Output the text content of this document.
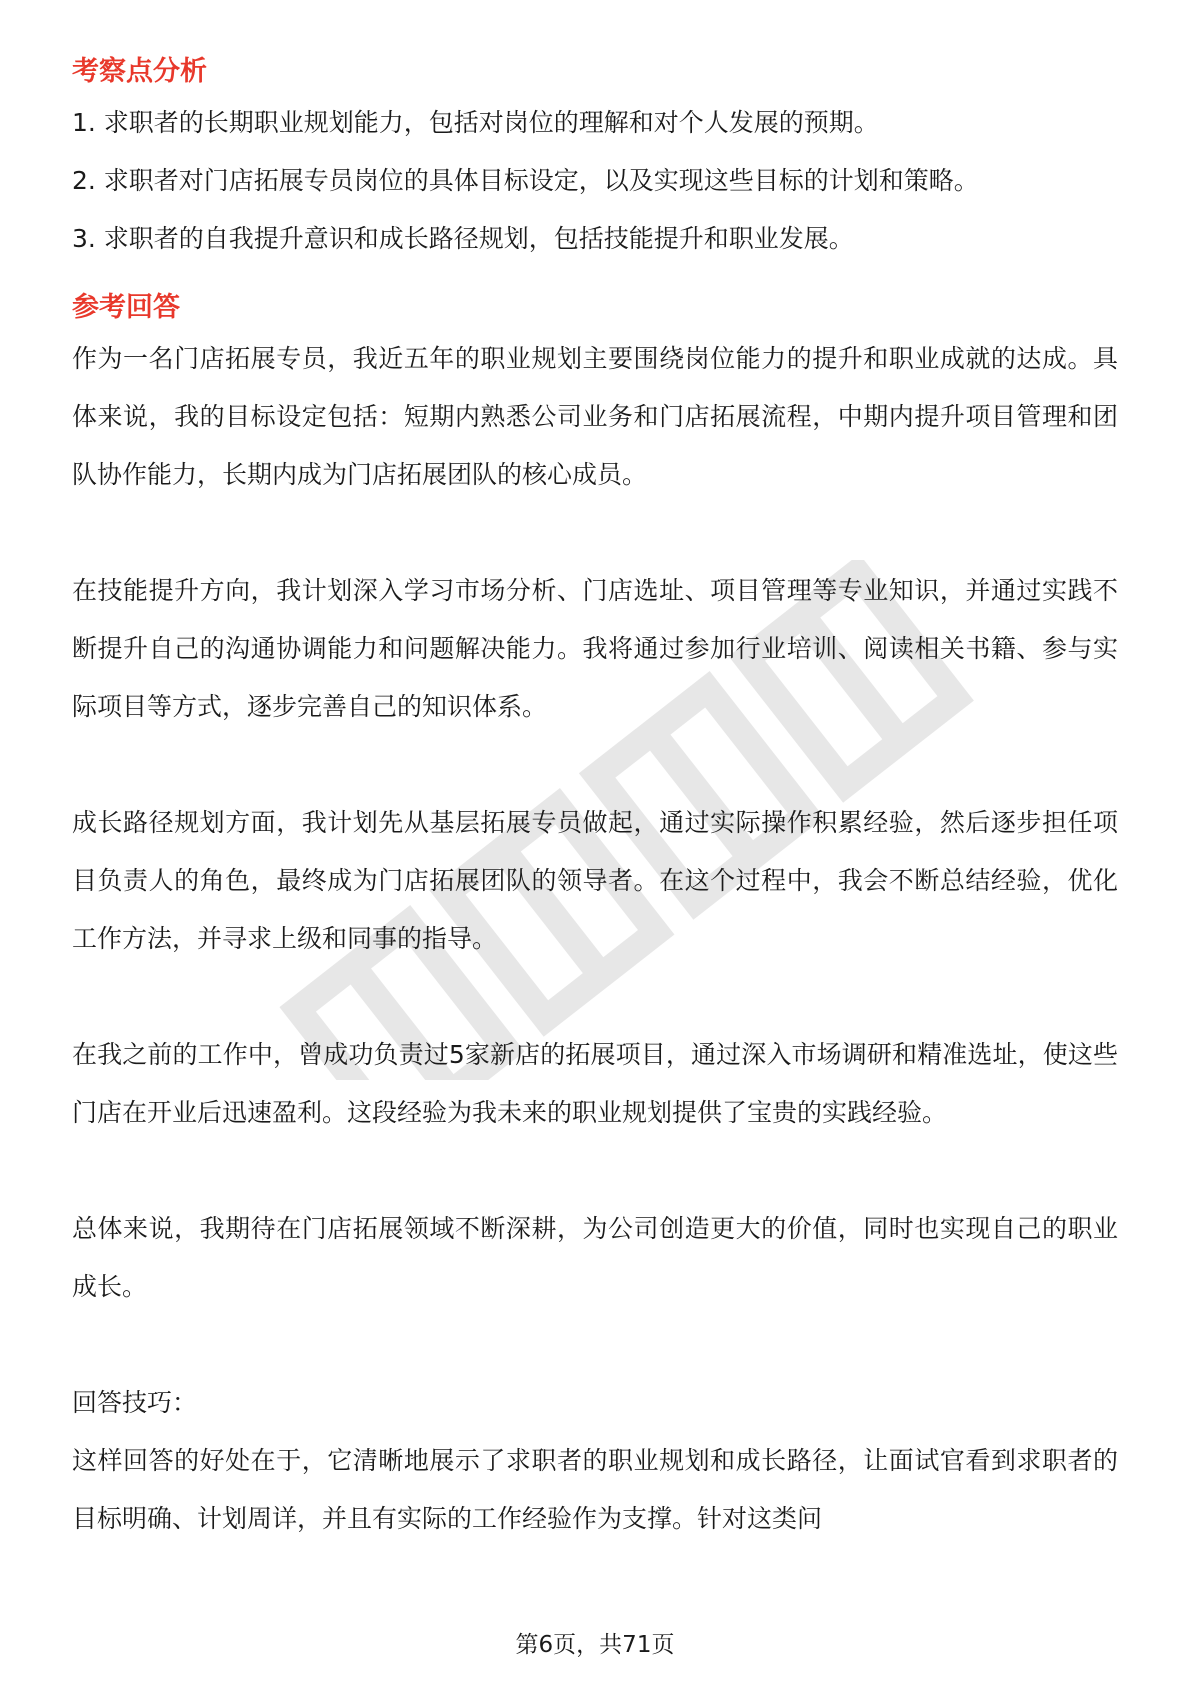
考察点分析

1. 求职者的长期职业规划能力，包括对岗位的理解和对个人发展的预期。

2. 求职者对门店拓展专员岗位的具体目标设定，以及实现这些目标的计划和策略。

3. 求职者的自我提升意识和成长路径规划，包括技能提升和职业发展。

参考回答

作为一名门店拓展专员，我近五年的职业规划主要围绕岗位能力的提升和职业成就的达成。具体来说，我的目标设定包括：短期内熟悉公司业务和门店拓展流程，中期内提升项目管理和团队协作能力，长期内成为门店拓展团队的核心成员。

在技能提升方向，我计划深入学习市场分析、门店选址、项目管理等专业知识，并通过实践不断提升自己的沟通协调能力和问题解决能力。我将通过参加行业培训、阅读相关书籍、参与实际项目等方式，逐步完善自己的知识体系。

成长路径规划方面，我计划先从基层拓展专员做起，通过实际操作积累经验，然后逐步担任项目负责人的角色，最终成为门店拓展团队的领导者。在这个过程中，我会不断总结经验，优化工作方法，并寻求上级和同事的指导。

在我之前的工作中，曾成功负责过5家新店的拓展项目，通过深入市场调研和精准选址，使这些门店在开业后迅速盈利。这段经验为我未来的职业规划提供了宝贵的实践经验。

总体来说，我期待在门店拓展领域不断深耕，为公司创造更大的价值，同时也实现自己的职业成长。

回答技巧：

这样回答的好处在于，它清晰地展示了求职者的职业规划和成长路径，让面试官看到求职者的目标明确、计划周详，并且有实际的工作经验作为支撑。针对这类问

第6页，共71页
